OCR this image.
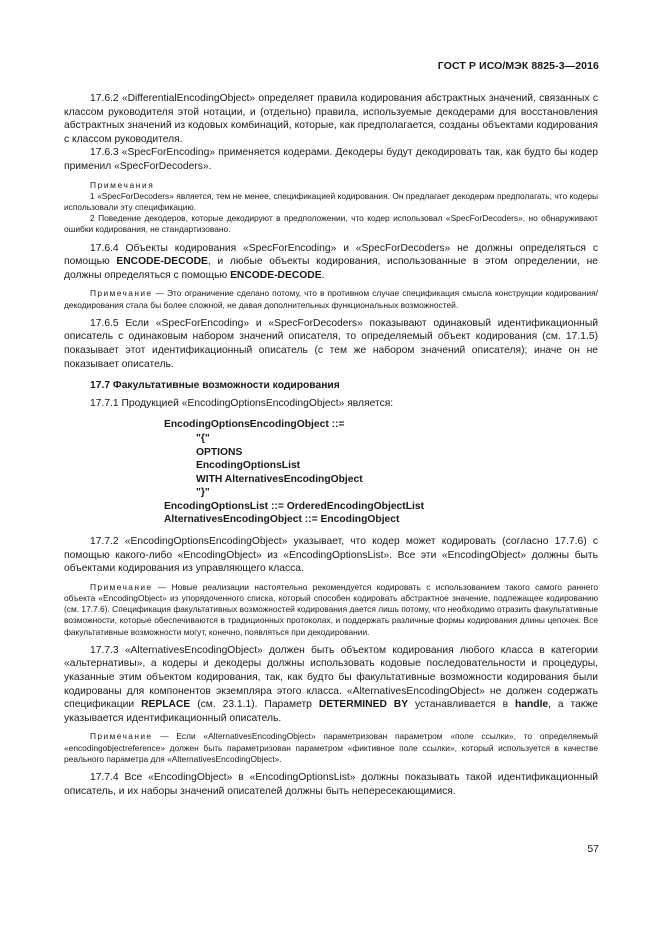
ГОСТ Р ИСО/МЭК 8825-3—2016

17.6.2 «DifferentialEncodingObject» определяет правила кодирования абстрактных значений, связанных с классом руководителя этой нотации, и (отдельно) правила, используемые декодерами для восстановления абстрактных значений из кодовых комбинаций, которые, как предполагается, созданы объектами кодирования с классом руководителя.

17.6.3 «SpecForEncoding» применяется кодерами. Декодеры будут декодировать так, как будто бы кодер применил «SpecForDecoders».

Примечания

1 «SpecForDecoders» является, тем не менее, спецификацией кодирования. Он предлагает декодерам предполагать, что кодеры использовали эту спецификацию.

2 Поведение декодеров, которые декодируют в предположении, что кодер использовал «SpecForDecoders», но обнаруживают ошибки кодирования, не стандартизовано.

17.6.4 Объекты кодирования «SpecForEncoding» и «SpecForDecoders» не должны определяться с помощью ENCODE-DECODE, и любые объекты кодирования, использованные в этом определении, не должны определяться с помощью ENCODE-DECODE.

Примечание — Это ограничение сделано потому, что в противном случае спецификация смысла конструкции кодирования/декодирования стала бы более сложной, не давая дополнительных функциональных возможностей.

17.6.5 Если «SpecForEncoding» и «SpecForDecoders» показывают одинаковый идентификационный описатель с одинаковым набором значений описателя, то определяемый объект кодирования (см. 17.1.5) показывает этот идентификационный описатель (с тем же набором значений описателя); иначе он не показывает описатель.

17.7 Факультативные возможности кодирования

17.7.1 Продукцией «EncodingOptionsEncodingObject» является:

EncodingOptionsEncodingObject ::=
"{"
OPTIONS
EncodingOptionsList
WITH AlternativesEncodingObject
"}"
EncodingOptionsList ::= OrderedEncodingObjectList
AlternativesEncodingObject ::= EncodingObject

17.7.2 «EncodingOptionsEncodingObject» указывает, что кодер может кодировать (согласно 17.7.6) с помощью какого-либо «EncodingObject» из «EncodingOptionsList». Все эти «EncodingObject» должны быть объектами кодирования из управляющего класса.

Примечание — Новые реализации настоятельно рекомендуется кодировать с использованием такого самого раннего объекта «EncodingObject» из упорядоченного списка, который способен кодировать абстрактное значение, подлежащее кодированию (см. 17.7.6). Спецификация факультативных возможностей кодирования дается лишь потому, что необходимо отразить факультативные возможности, которые обеспечиваются в традиционных протоколах, и поддержать различные формы кодирования длины цепочек. Все факультативные возможности могут, конечно, появляться при декодировании.

17.7.3 «AlternativesEncodingObject» должен быть объектом кодирования любого класса в категории «альтернативы», а кодеры и декодеры должны использовать кодовые последовательности и процедуры, указанные этим объектом кодирования, так, как будто бы факультативные возможности кодирования были кодированы для компонентов экземпляра этого класса. «AlternativesEncodingObject» не должен содержать спецификации REPLACE (см. 23.1.1). Параметр DETERMINED BY устанавливается в handle, а также указывается идентификационный описатель.

Примечание — Если «AlternativesEncodingObject» параметризован параметром «поле ссылки», то определяемый «encodingobjectreference» должен быть параметризован параметром «фиктивное поле ссылки», который используется в качестве реального параметра для «AlternativesEncodingObject».

17.7.4 Все «EncodingObject» в «EncodingOptionsList» должны показывать такой идентификационный описатель, и их наборы значений описателей должны быть непересекающимися.

57
